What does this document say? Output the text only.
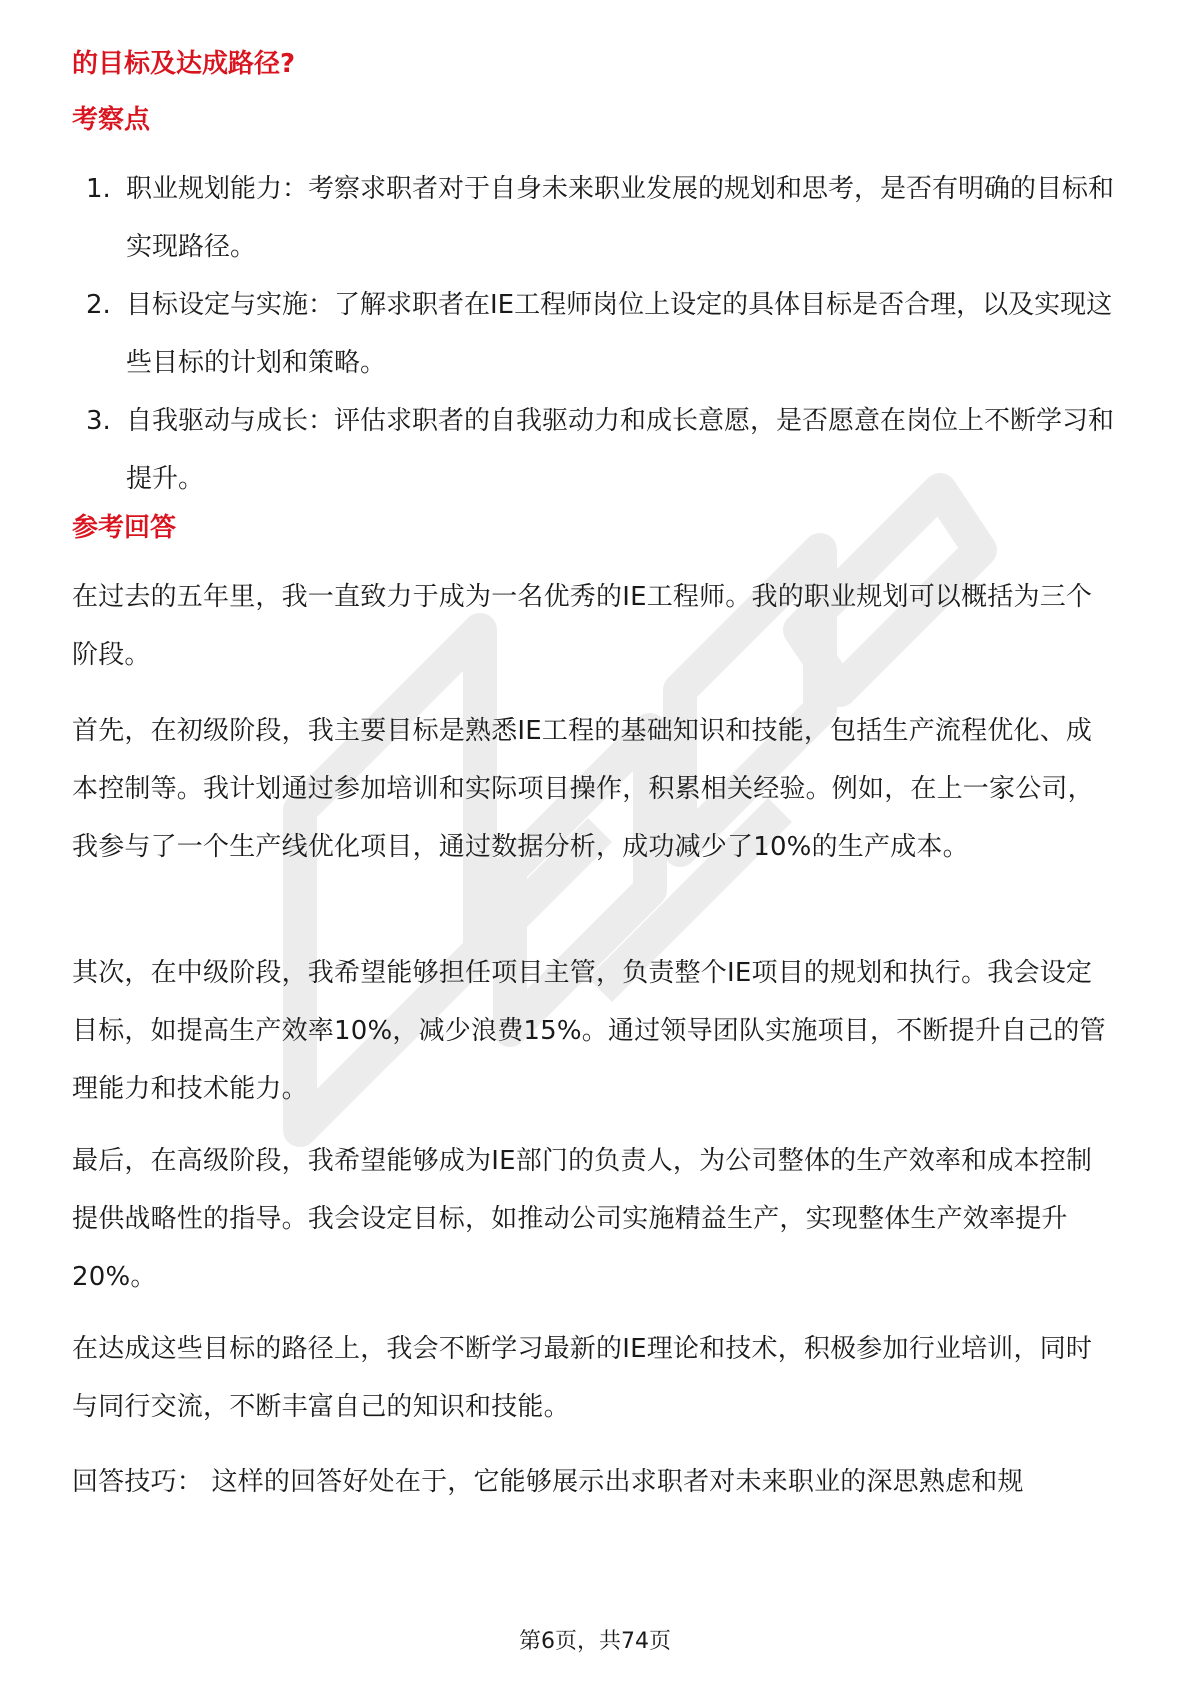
的目标及达成路径?
考察点
1. 职业规划能力：考察求职者对于自身未来职业发展的规划和思考，是否有明确的目标和实现路径。
2. 目标设定与实施：了解求职者在IE工程师岗位上设定的具体目标是否合理，以及实现这些目标的计划和策略。
3. 自我驱动与成长：评估求职者的自我驱动力和成长意愿，是否愿意在岗位上不断学习和提升。
参考回答

在过去的五年里，我一直致力于成为一名优秀的IE工程师。我的职业规划可以概括为三个阶段。

首先，在初级阶段，我主要目标是熟悉IE工程的基础知识和技能，包括生产流程优化、成本控制等。我计划通过参加培训和实际项目操作，积累相关经验。例如，在上一家公司，我参与了一个生产线优化项目，通过数据分析，成功减少了10%的生产成本。

其次，在中级阶段，我希望能够担任项目主管，负责整个IE项目的规划和执行。我会设定目标，如提高生产效率10%，减少浪费15%。通过领导团队实施项目，不断提升自己的管理能力和技术能力。

最后，在高级阶段，我希望能够成为IE部门的负责人，为公司整体的生产效率和成本控制提供战略性的指导。我会设定目标，如推动公司实施精益生产，实现整体生产效率提升20%。

在达成这些目标的路径上，我会不断学习最新的IE理论和技术，积极参加行业培训，同时与同行交流，不断丰富自己的知识和技能。

回答技巧： 这样的回答好处在于，它能够展示出求职者对未来职业的深思熟虑和规

第6页，共74页
